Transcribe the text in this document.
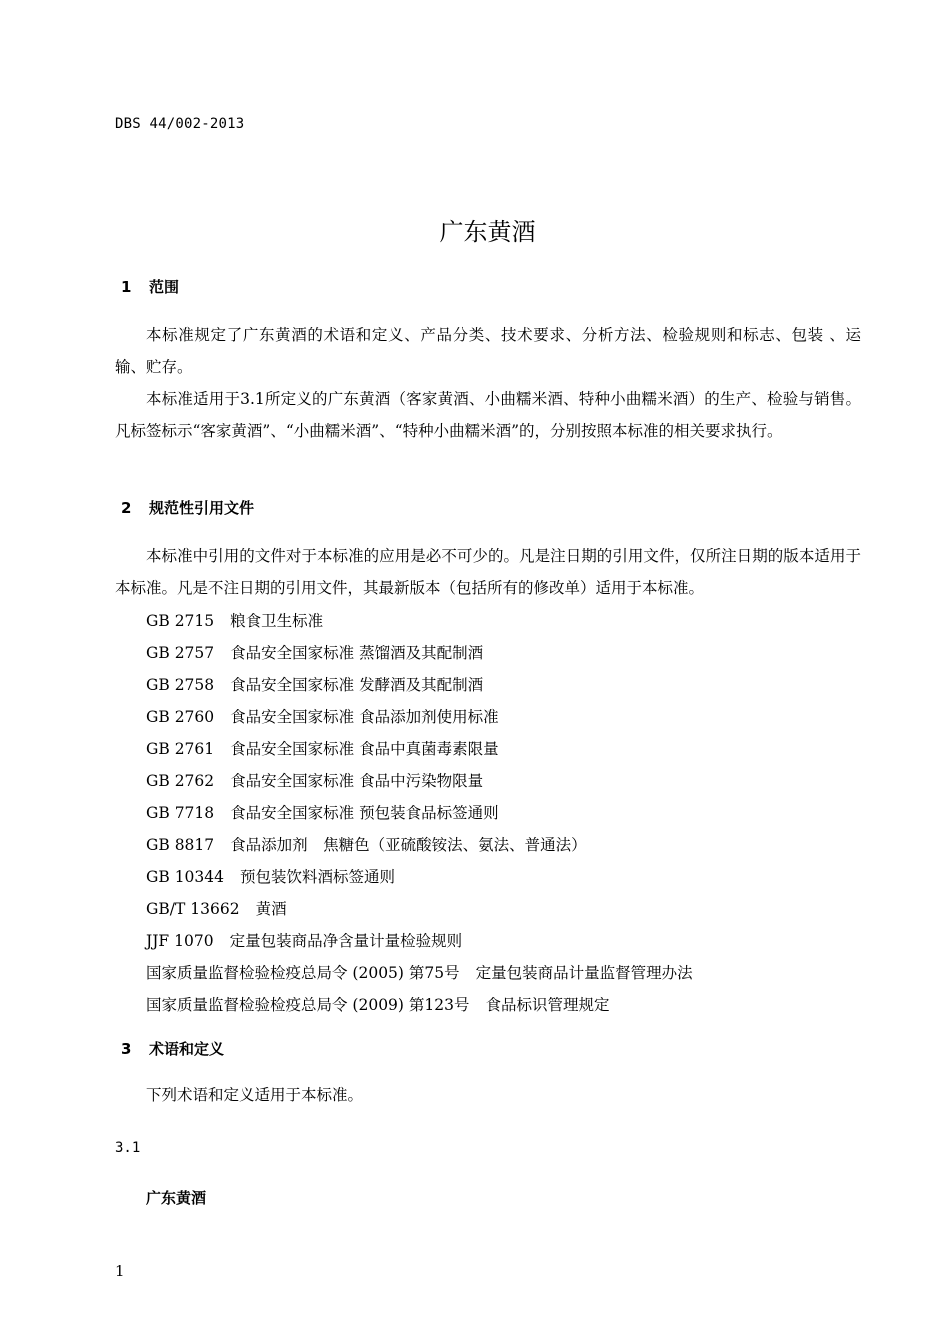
DBS 44/002-2013
广东黄酒
1 范围
本标准规定了广东黄酒的术语和定义、产品分类、技术要求、分析方法、检验规则和标志、包装 、运输、贮存。
本标准适用于3.1所定义的广东黄酒（客家黄酒、小曲糯米酒、特种小曲糯米酒）的生产、检验与销售。凡标签标示“客家黄酒”、“小曲糯米酒”、“特种小曲糯米酒”的，分别按照本标准的相关要求执行。
2 规范性引用文件
本标准中引用的文件对于本标准的应用是必不可少的。凡是注日期的引用文件，仅所注日期的版本适用于本标准。凡是不注日期的引用文件，其最新版本（包括所有的修改单）适用于本标准。
GB 2715 粮食卫生标准
GB 2757 食品安全国家标准 蒸馏酒及其配制酒
GB 2758 食品安全国家标准 发酵酒及其配制酒
GB 2760 食品安全国家标准 食品添加剂使用标准
GB 2761 食品安全国家标准 食品中真菌毒素限量
GB 2762 食品安全国家标准 食品中污染物限量
GB 7718 食品安全国家标准 预包装食品标签通则
GB 8817 食品添加剂　焦糖色（亚硫酸铵法、氨法、普通法）
GB 10344 预包装饮料酒标签通则
GB/T 13662 黄酒
JJF 1070 定量包装商品净含量计量检验规则
国家质量监督检验检疫总局令 (2005) 第75号 定量包装商品计量监督管理办法
国家质量监督检验检疫总局令 (2009) 第123号 食品标识管理规定
3 术语和定义
下列术语和定义适用于本标准。
3.1
广东黄酒
1
